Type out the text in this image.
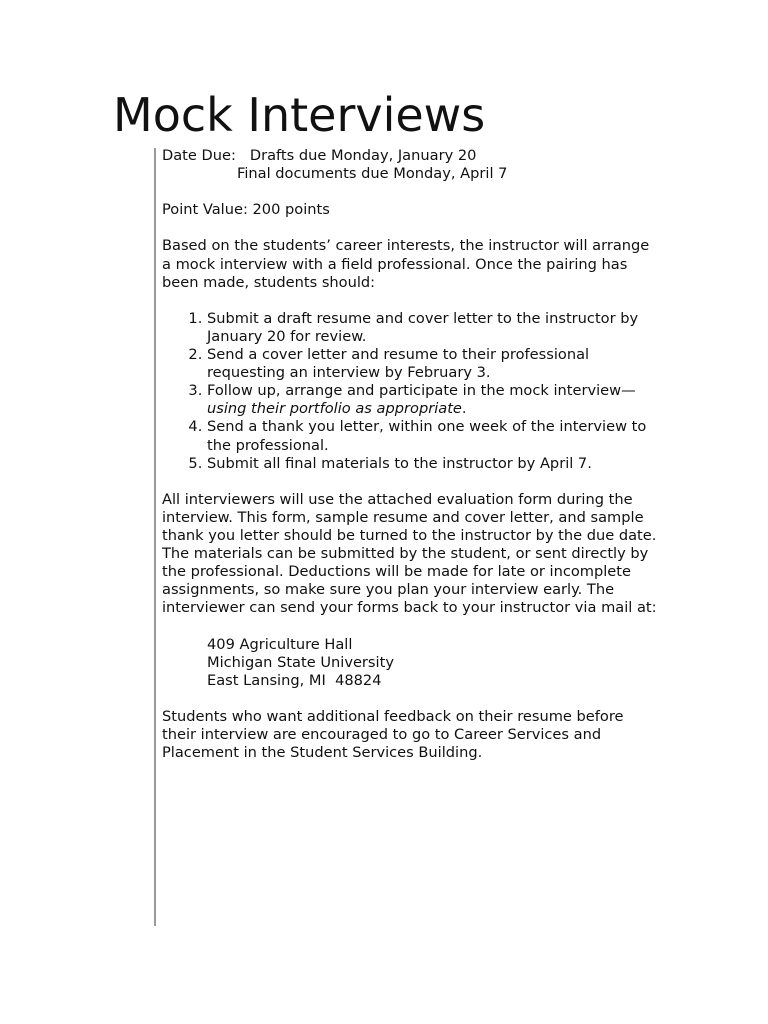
Mock Interviews
Date Due: Drafts due Monday, January 20
Final documents due Monday, April 7

Point Value: 200 points

Based on the students’ career interests, the instructor will arrange a mock interview with a field professional. Once the pairing has been made, students should:

1. Submit a draft resume and cover letter to the instructor by January 20 for review.
2. Send a cover letter and resume to their professional requesting an interview by February 3.
3. Follow up, arrange and participate in the mock interview—
using their portfolio as appropriate.
4. Send a thank you letter, within one week of the interview to the professional.
5. Submit all final materials to the instructor by April 7.

All interviewers will use the attached evaluation form during the interview. This form, sample resume and cover letter, and sample thank you letter should be turned to the instructor by the due date. The materials can be submitted by the student, or sent directly by the professional. Deductions will be made for late or incomplete assignments, so make sure you plan your interview early. The interviewer can send your forms back to your instructor via mail at:

409 Agriculture Hall
Michigan State University
East Lansing, MI  48824

Students who want additional feedback on their resume before their interview are encouraged to go to Career Services and Placement in the Student Services Building.
